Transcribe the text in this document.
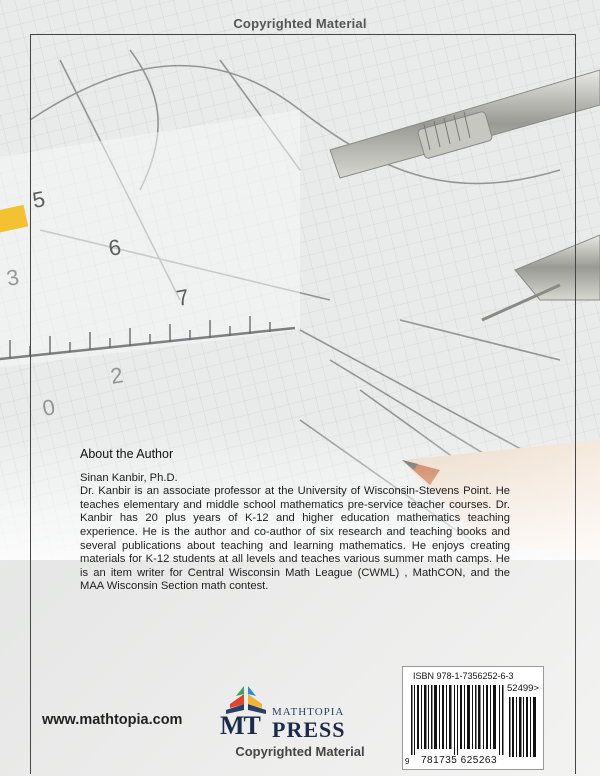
Copyrighted Material
About the Author

Sinan Kanbir, Ph.D.

Dr. Kanbir is an associate professor at the University of Wisconsin-Stevens Point. He teaches elementary and middle school mathematics pre-service teacher courses. Dr. Kanbir has 20 plus years of K-12 and higher education mathematics teaching experience. He is the author and co-author of six research and teaching books and several publications about teaching and learning mathematics. He enjoys creating materials for K-12 students at all levels and teaches various summer math camps. He is an item writer for Central Wisconsin Math League (CWML) , MathCON, and the MAA Wisconsin Section math contest.

www.mathtopia.com MT	MATHTOPIA
PRESS
ISBN 978-1-7356252-6-3
52499>
9 781735 625263
Copyrighted Material
